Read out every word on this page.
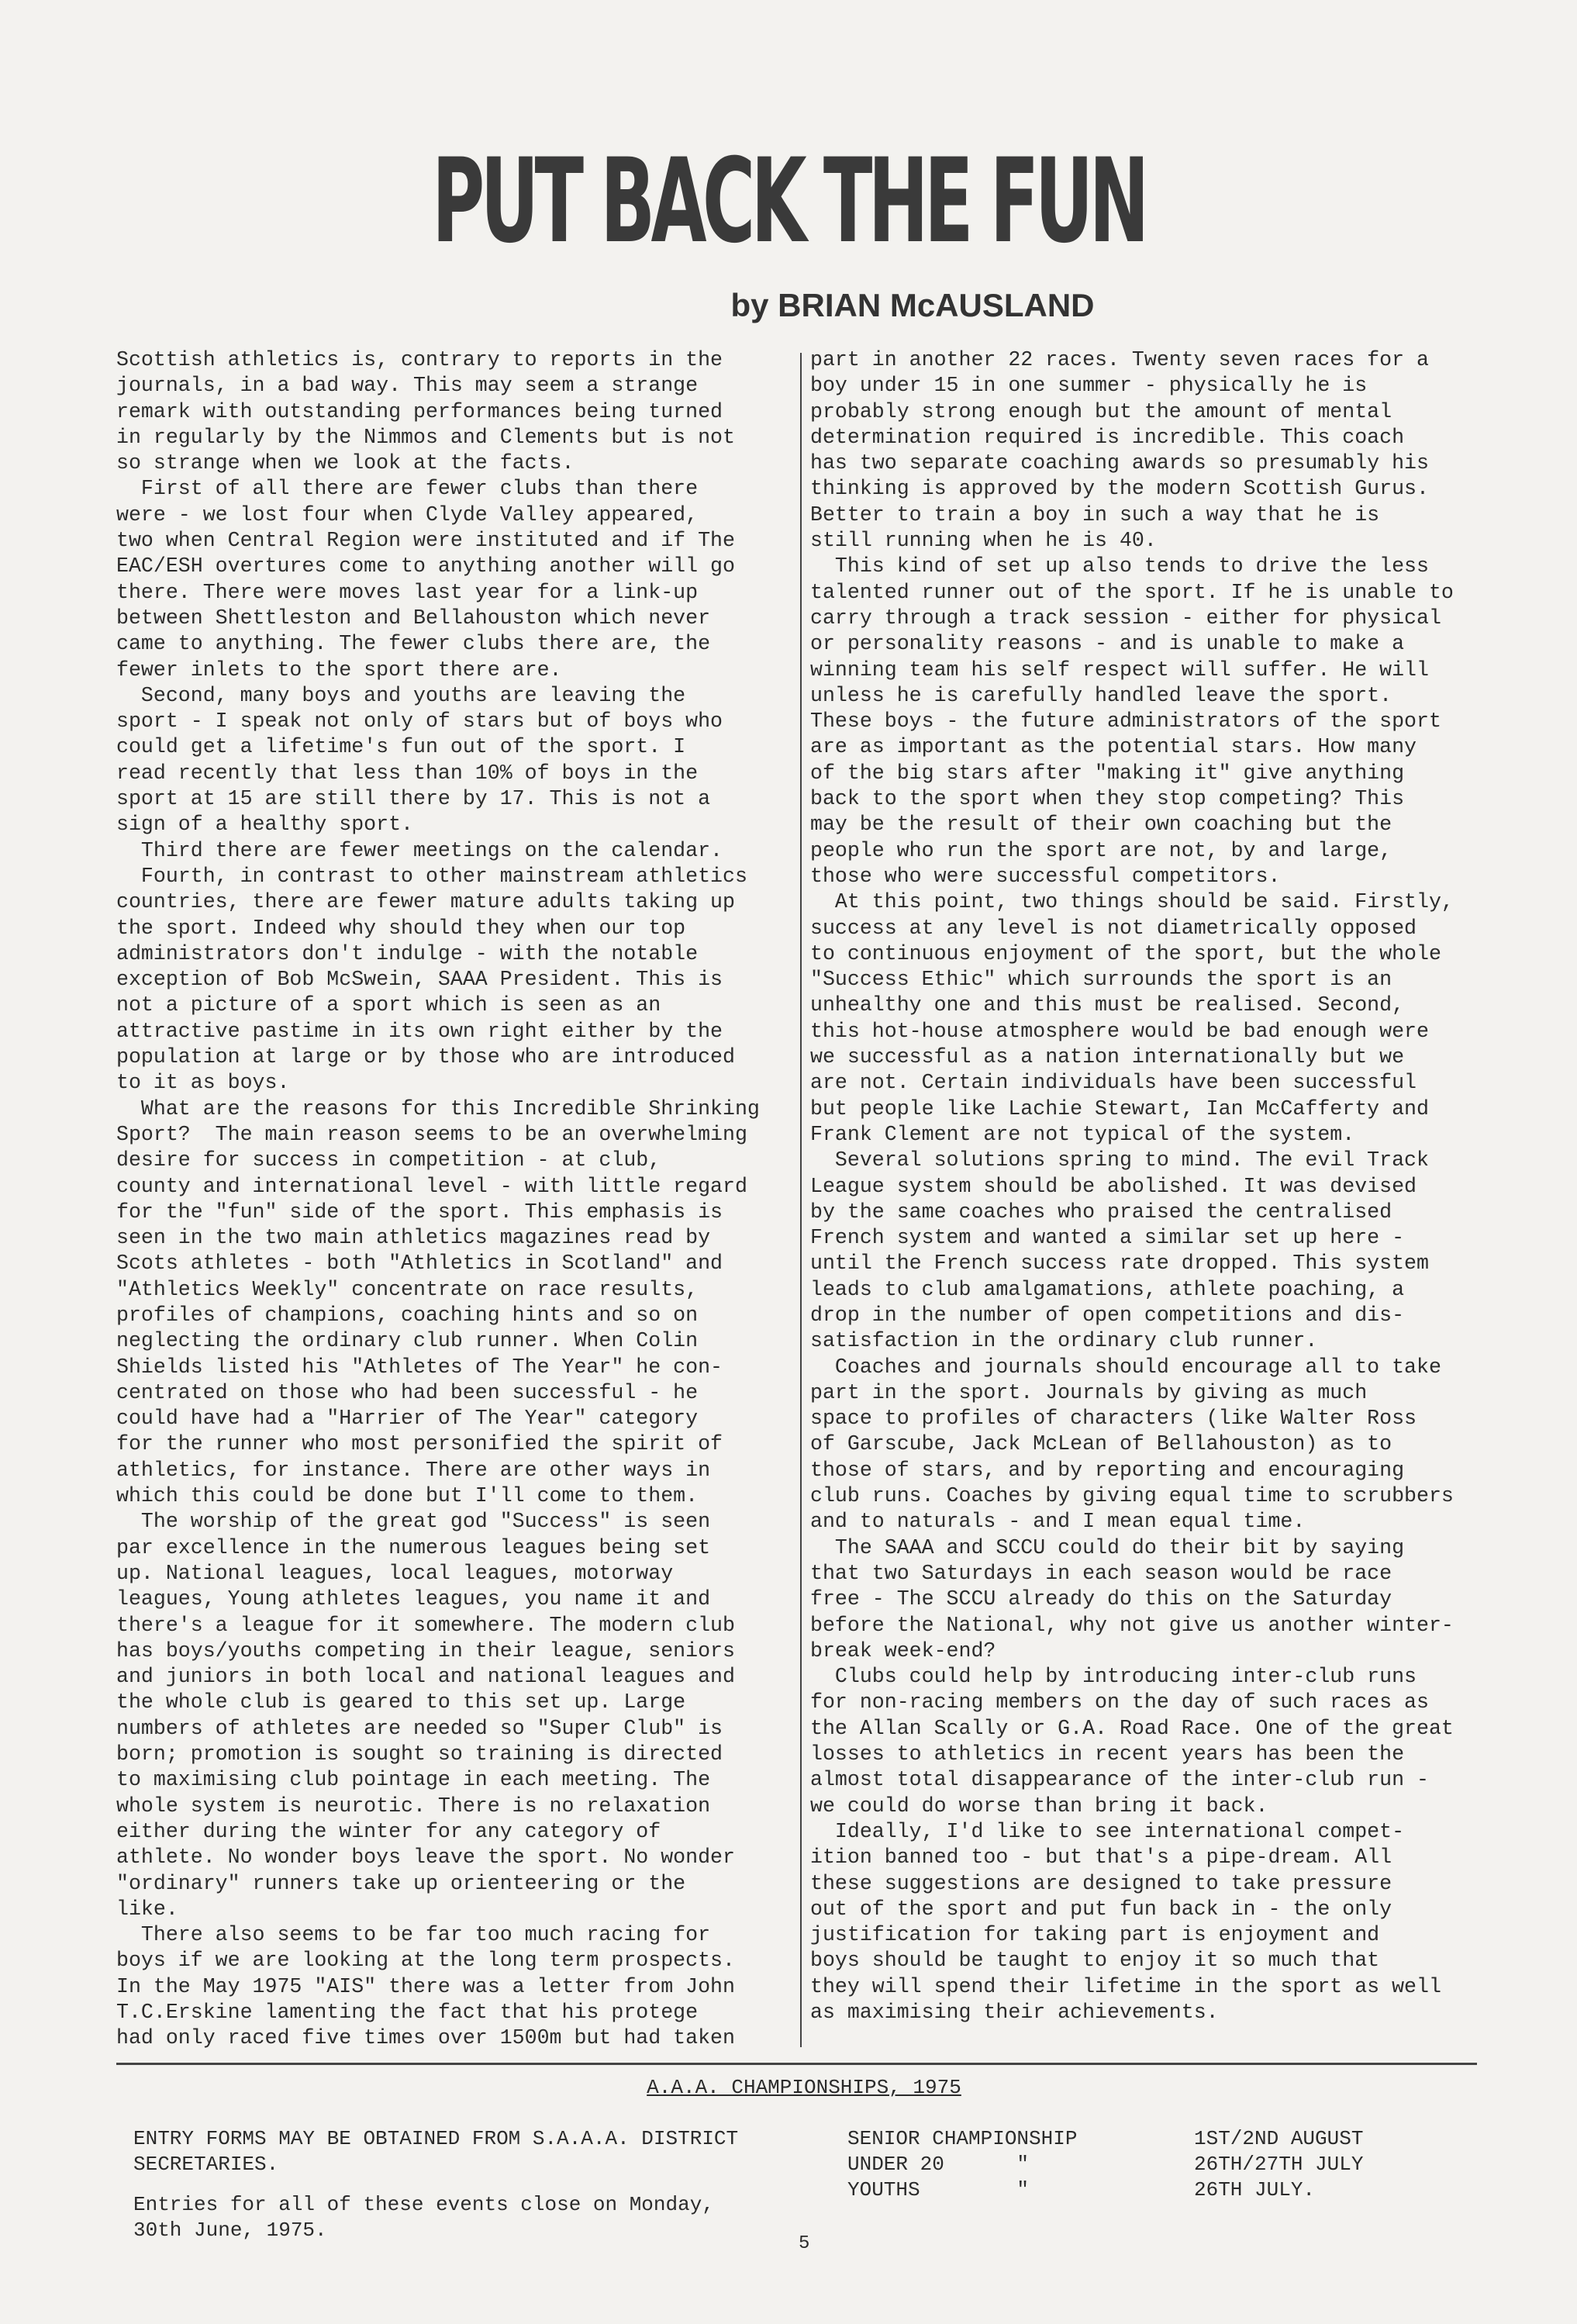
PUT BACK THE FUN
by BRIAN McAUSLAND
Scottish athletics is, contrary to reports in the
journals, in a bad way. This may seem a strange
remark with outstanding performances being turned
in regularly by the Nimmos and Clements but is not
so strange when we look at the facts.
First of all there are fewer clubs than there
were - we lost four when Clyde Valley appeared,
two when Central Region were instituted and if The
EAC/ESH overtures come to anything another will go
there. There were moves last year for a link-up
between Shettleston and Bellahouston which never
came to anything. The fewer clubs there are, the
fewer inlets to the sport there are.
Second, many boys and youths are leaving the
sport - I speak not only of stars but of boys who
could get a lifetime's fun out of the sport. I
read recently that less than 10% of boys in the
sport at 15 are still there by 17. This is not a
sign of a healthy sport.
Third there are fewer meetings on the calendar.
Fourth, in contrast to other mainstream athletics
countries, there are fewer mature adults taking up
the sport. Indeed why should they when our top
administrators don't indulge - with the notable
exception of Bob McSwein, SAAA President. This is
not a picture of a sport which is seen as an
attractive pastime in its own right either by the
population at large or by those who are introduced
to it as boys.
What are the reasons for this Incredible Shrinking
Sport?  The main reason seems to be an overwhelming
desire for success in competition - at club,
county and international level - with little regard
for the "fun" side of the sport. This emphasis is
seen in the two main athletics magazines read by
Scots athletes - both "Athletics in Scotland" and
"Athletics Weekly" concentrate on race results,
profiles of champions, coaching hints and so on
neglecting the ordinary club runner. When Colin
Shields listed his "Athletes of The Year" he con-
centrated on those who had been successful - he
could have had a "Harrier of The Year" category
for the runner who most personified the spirit of
athletics, for instance. There are other ways in
which this could be done but I'll come to them.
The worship of the great god "Success" is seen
par excellence in the numerous leagues being set
up. National leagues, local leagues, motorway
leagues, Young athletes leagues, you name it and
there's a league for it somewhere. The modern club
has boys/youths competing in their league, seniors
and juniors in both local and national leagues and
the whole club is geared to this set up. Large
numbers of athletes are needed so "Super Club" is
born; promotion is sought so training is directed
to maximising club pointage in each meeting. The
whole system is neurotic. There is no relaxation
either during the winter for any category of
athlete. No wonder boys leave the sport. No wonder
"ordinary" runners take up orienteering or the
like.
There also seems to be far too much racing for
boys if we are looking at the long term prospects.
In the May 1975 "AIS" there was a letter from John
T.C.Erskine lamenting the fact that his protege
had only raced five times over 1500m but had taken
part in another 22 races. Twenty seven races for a
boy under 15 in one summer - physically he is
probably strong enough but the amount of mental
determination required is incredible. This coach
has two separate coaching awards so presumably his
thinking is approved by the modern Scottish Gurus.
Better to train a boy in such a way that he is
still running when he is 40.
This kind of set up also tends to drive the less
talented runner out of the sport. If he is unable to
carry through a track session - either for physical
or personality reasons - and is unable to make a
winning team his self respect will suffer. He will
unless he is carefully handled leave the sport.
These boys - the future administrators of the sport
are as important as the potential stars. How many
of the big stars after "making it" give anything
back to the sport when they stop competing? This
may be the result of their own coaching but the
people who run the sport are not, by and large,
those who were successful competitors.
At this point, two things should be said. Firstly,
success at any level is not diametrically opposed
to continuous enjoyment of the sport, but the whole
"Success Ethic" which surrounds the sport is an
unhealthy one and this must be realised. Second,
this hot-house atmosphere would be bad enough were
we successful as a nation internationally but we
are not. Certain individuals have been successful
but people like Lachie Stewart, Ian McCafferty and
Frank Clement are not typical of the system.
Several solutions spring to mind. The evil Track
League system should be abolished. It was devised
by the same coaches who praised the centralised
French system and wanted a similar set up here -
until the French success rate dropped. This system
leads to club amalgamations, athlete poaching, a
drop in the number of open competitions and dis-
satisfaction in the ordinary club runner.
Coaches and journals should encourage all to take
part in the sport. Journals by giving as much
space to profiles of characters (like Walter Ross
of Garscube, Jack McLean of Bellahouston) as to
those of stars, and by reporting and encouraging
club runs. Coaches by giving equal time to scrubbers
and to naturals - and I mean equal time.
The SAAA and SCCU could do their bit by saying
that two Saturdays in each season would be race
free - The SCCU already do this on the Saturday
before the National, why not give us another winter-
break week-end?
Clubs could help by introducing inter-club runs
for non-racing members on the day of such races as
the Allan Scally or G.A. Road Race. One of the great
losses to athletics in recent years has been the
almost total disappearance of the inter-club run -
we could do worse than bring it back.
Ideally, I'd like to see international compet-
ition banned too - but that's a pipe-dream. All
these suggestions are designed to take pressure
out of the sport and put fun back in - the only
justification for taking part is enjoyment and
boys should be taught to enjoy it so much that
they will spend their lifetime in the sport as well
as maximising their achievements.
A.A.A. CHAMPIONSHIPS, 1975
ENTRY FORMS MAY BE OBTAINED FROM S.A.A.A. DISTRICT
SECRETARIES.
Entries for all of these events close on Monday,
30th June, 1975.
SENIOR CHAMPIONSHIP
UNDER 20      "
YOUTHS        "
1ST/2ND AUGUST
26TH/27TH JULY
26TH JULY.
5
